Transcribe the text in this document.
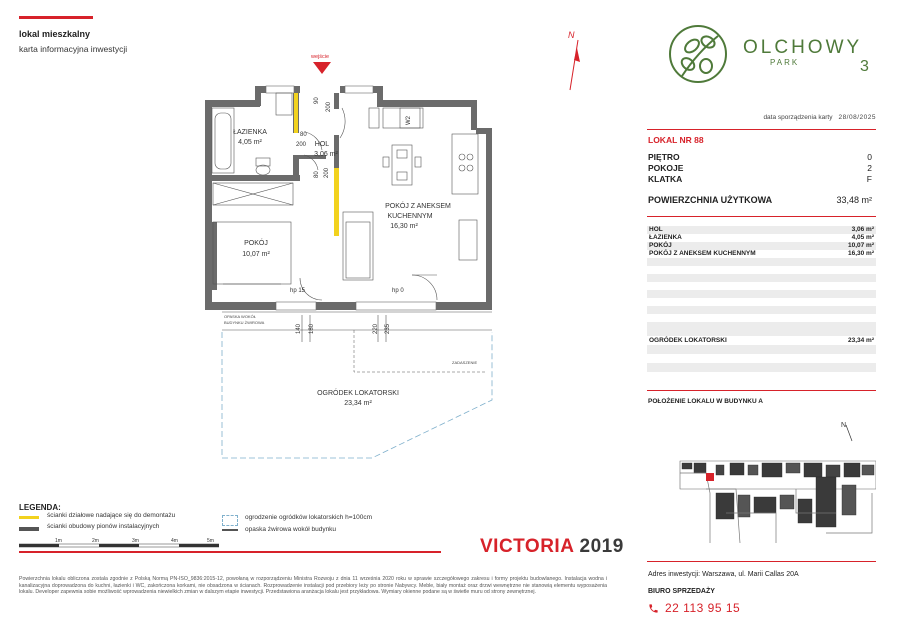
lokal mieszkalny
karta informacyjna inwestycji
N
wejście
ŁAZIENKA
4,05 m²	HOL
3,06 m²
POKÓJ
10,07 m²
POKÓJ Z ANEKSEM
KUCHENNYM
16,30 m²
OGRÓDEK LOKATORSKI
23,34 m²
OPASKA WOKÓŁ
BUDYNKU ŻWIROWA
ZADASZENIE
90
200
80
200
80 200
W2
hp 15	hp 0
140 180	220 235
OLCHOWY
PARK	3
data sporządzenia karty 28/08/2025
LOKAL NR 88
PIĘTRO	0
POKOJE	2
KLATKA	F
POWIERZCHNIA UŻYTKOWA	33,48 m²
HOL	3,06 m²
ŁAZIENKA	4,05 m²
POKÓJ	10,07 m²
POKÓJ Z ANEKSEM KUCHENNYM	16,30 m²
OGRÓDEK LOKATORSKI	23,34 m²
POŁOŻENIE LOKALU W BUDYNKU A
N
Adres inwestycji: Warszawa, ul. Marii Callas 20A
BIURO SPRZEDAŻY
22 113 95 15
LEGENDA:
ścianki działowe nadające się do demontażu
ścianki obudowy pionów instalacyjnych
ogrodzenie ogródków lokatorskich h=100cm
opaska żwirowa wokół budynku
1m	2m	3m	4m	5m	VICTORIA 2019
Powierzchnia lokalu obliczona zostala zgodnie z Polską Normą PN-ISO_9836:2015-12, powołaną w rozporządzeniu Ministra Rozwoju z dnia 11 września 2020 roku w sprawie szczegółowego zakresu i formy projektu budowlanego. Instalacja wodna i kanalizacyjna doprowadzona do kuchni, łazienki i WC, zakończona korkami, nie obsadzona w ścianach. Rozprowadzenie instalacji pod przebiory leży po stronie Nabywcy. Meble, biały montaż oraz drzwi wewnętrzne nie stanowią elementu wyposażenia lokalu. Developer zapewnia sobie możliwość wprowadzenia niewielkich zmian w dalszym etapie inwestycji. Przedstawiona aranżacja lokalu jest przykładowa. Wymiary okienne podane są w świetle muru od strony zewnętrznej.
